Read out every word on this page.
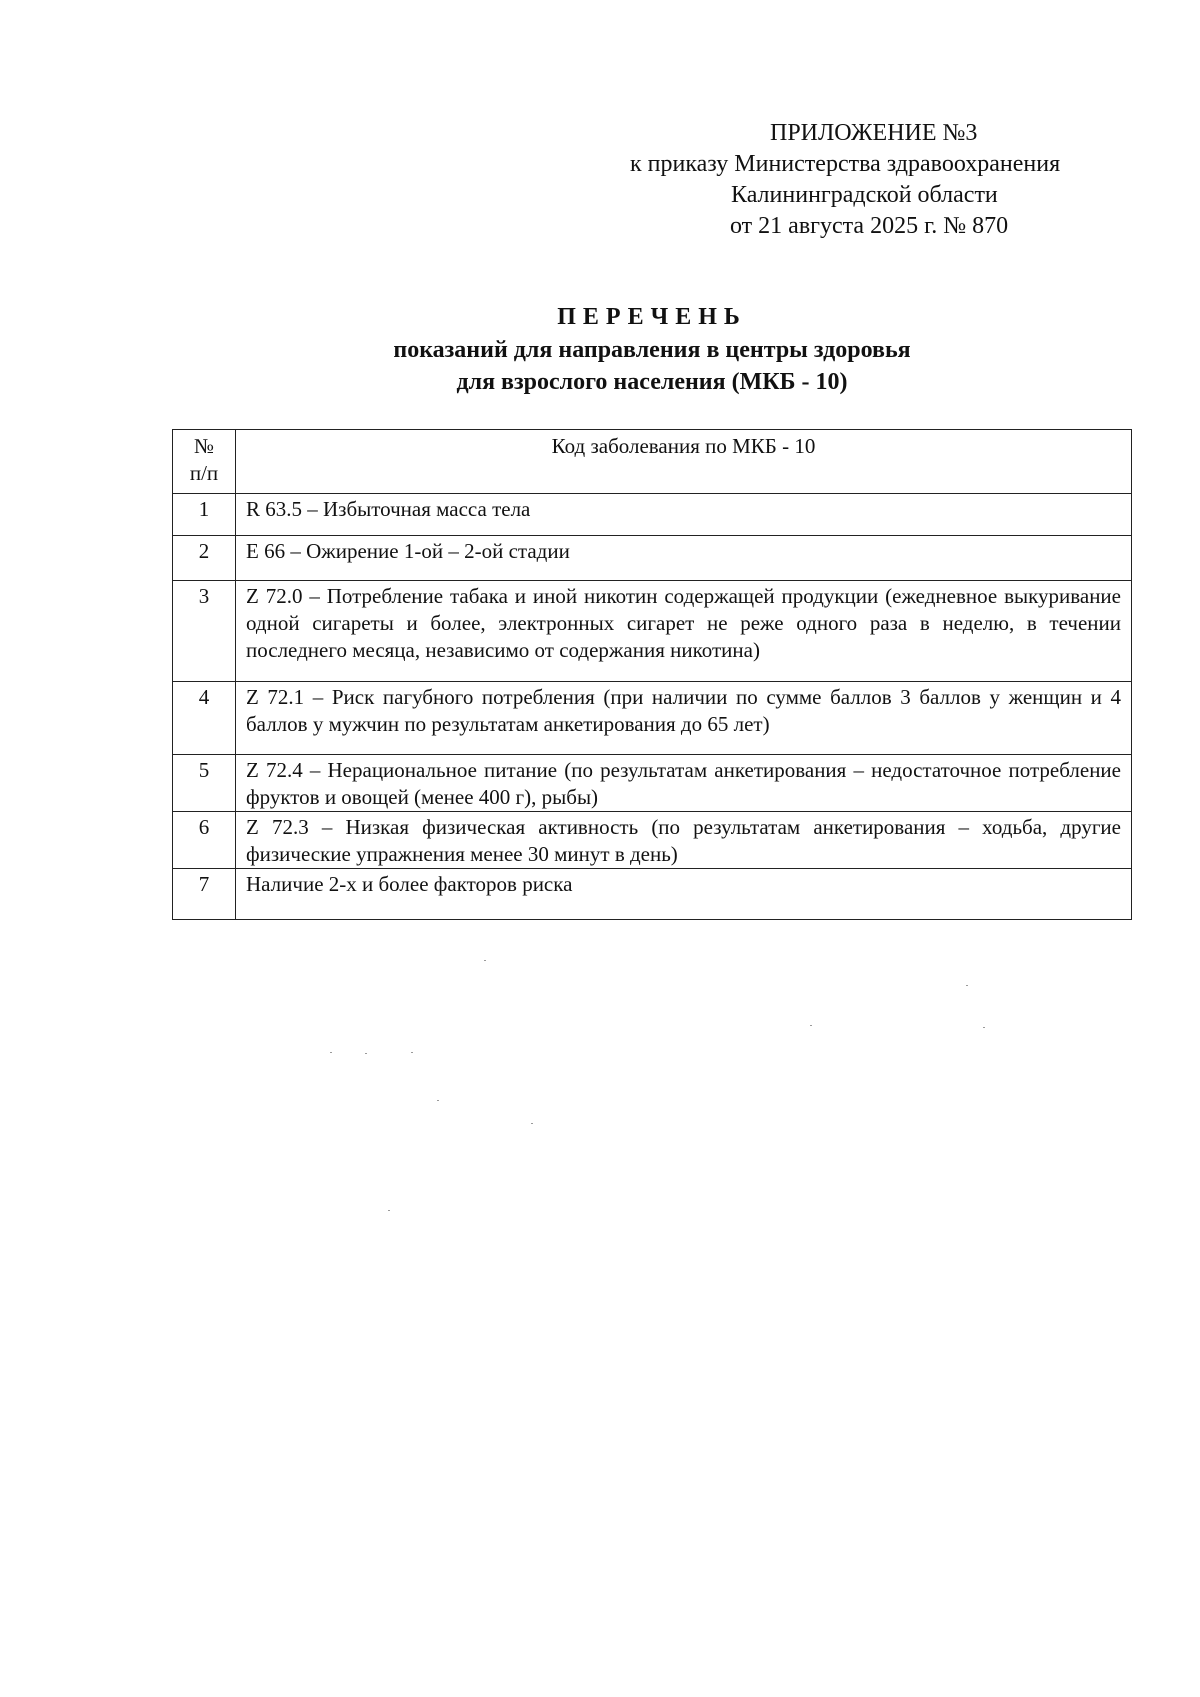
ПРИЛОЖЕНИЕ №3
к приказу Министерства здравоохранения
Калининградской области
от 21 августа 2025 г. № 870
ПЕРЕЧЕНЬ
показаний для направления в центры здоровья
для взрослого населения (МКБ - 10)
№
п/п	Код заболевания по МКБ - 10
1	R 63.5 – Избыточная масса тела
2	E 66 – Ожирение 1-ой – 2-ой стадии
3	Z 72.0 – Потребление табака и иной никотин содержащей продукции (ежедневное выкуривание одной сигареты и более, электронных сигарет не реже одного раза в неделю, в течении последнего месяца, независимо от содержания никотина)
4	Z 72.1 – Риск пагубного потребления (при наличии по сумме баллов 3 баллов у женщин и 4 баллов у мужчин по результатам анкетирования до 65 лет)
5	Z 72.4 – Нерациональное питание (по результатам анкетирования – недостаточное потребление фруктов и овощей (менее 400 г), рыбы)
6	Z 72.3 – Низкая физическая активность (по результатам анкетирования – ходьба, другие физические упражнения менее 30 минут в день)
7	Наличие 2-х и более факторов риска
